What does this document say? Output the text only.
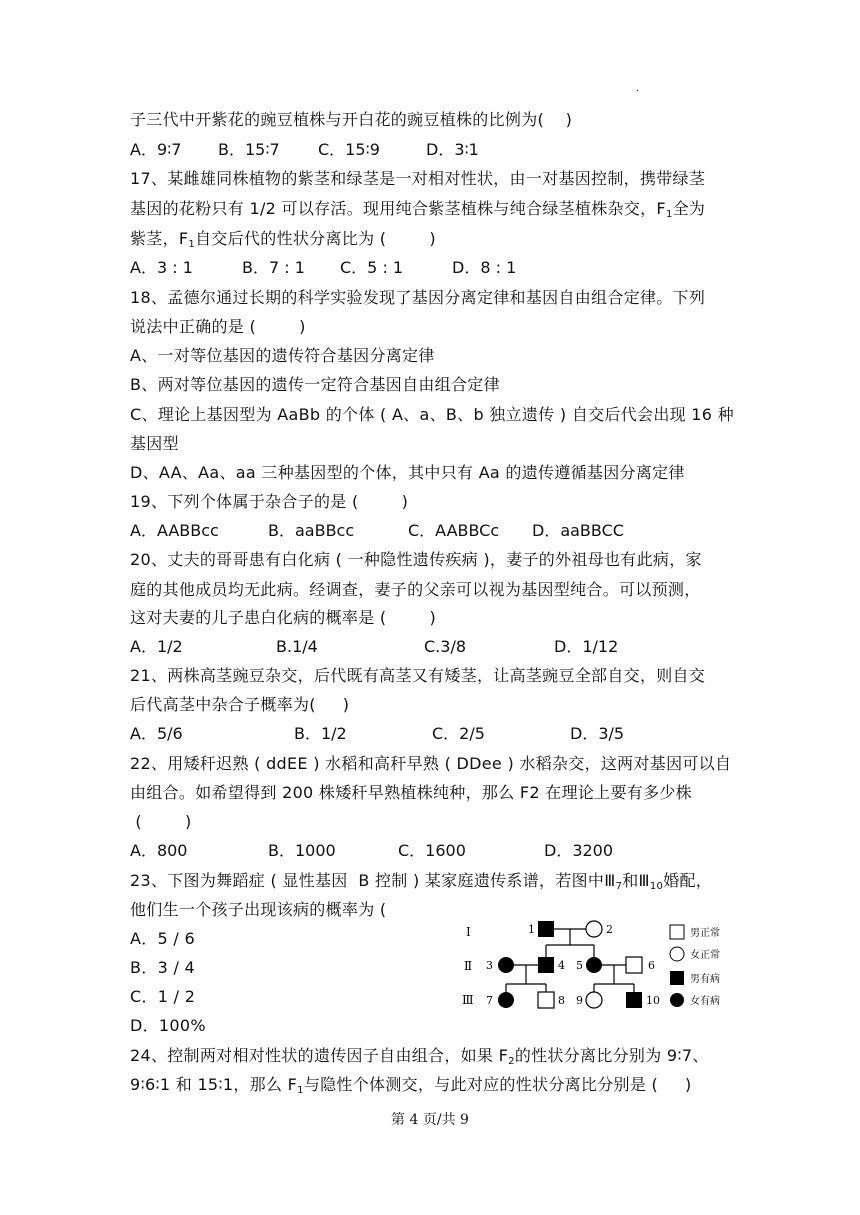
·
子三代中开紫花的豌豆植株与开白花的豌豆植株的比例为(    )

A．9∶7

B．15∶7

C．15∶9

	D．3∶1

17、某雌雄同株植物的紫茎和绿茎是一对相对性状，由一对基因控制，携带绿茎
基因的花粉只有 1/2 可以存活。现用纯合紫茎植株与纯合绿茎植株杂交，$F_1$全为
紫茎，$F_1$自交后代的性状分离比为 (        )

A．3 : 1

	B．7 : 1

C．5 : 1

	D．8 : 1

18、孟德尔通过长期的科学实验发现了基因分离定律和基因自由组合定律。下列
说法中正确的是 (        )
A、一对等位基因的遗传符合基因分离定律
B、两对等位基因的遗传一定符合基因自由组合定律
C、理论上基因型为 AaBb 的个体 ( A、a、B、b 独立遗传 ) 自交后代会出现 16 种
基因型
D、AA、Aa、aa 三种基因型的个体，其中只有 Aa 的遗传遵循基因分离定律
19、下列个体属于杂合子的是 (        )

A．AABBcc

	B．aaBBcc

	C．AABBCc

D．aaBBCC

20、丈夫的哥哥患有白化病 ( 一种隐性遗传疾病 )，妻子的外祖母也有此病，家
庭的其他成员均无此病。经调查，妻子的父亲可以视为基因型纯合。可以预测，
这对夫妻的儿子患白化病的概率是 (        )

A．1/2

	B.1/4

	C.3/8

	D．1/12

21、两株高茎豌豆杂交，后代既有高茎又有矮茎，让高茎豌豆全部自交，则自交
后代高茎中杂合子概率为(     )

A．5/6

	B．1/2

	C．2/5

	D．3/5

22、用矮秆迟熟 ( ddEE ) 水稻和高秆早熟 ( DDee ) 水稻杂交，这两对基因可以自
由组合。如希望得到 200 株矮秆早熟植株纯种，那么 F2 在理论上要有多少株
(        )

A．800

	B．1000

	C．1600

	D．3200

23、下图为舞蹈症 ( 显性基因  B 控制 ) 某家庭遗传系谱，若图中$Ⅲ_7$和$Ⅲ_{10}$婚配，
他们生一个孩子出现该病的概率为 (
A．5 / 6
B．3 / 4
C．1 / 2
D．100%
Ⅰ
Ⅱ
Ⅲ
1	2
3	4 5	6
7	8 9	10
男正常
女正常
男有病
女有病
24、控制两对相对性状的遗传因子自由组合，如果 $F_2$的性状分离比分别为 9∶7、
9∶6∶1 和 15∶1，那么 $F_1$与隐性个体测交，与此对应的性状分离比分别是 (     )
第 4 页/共 9
